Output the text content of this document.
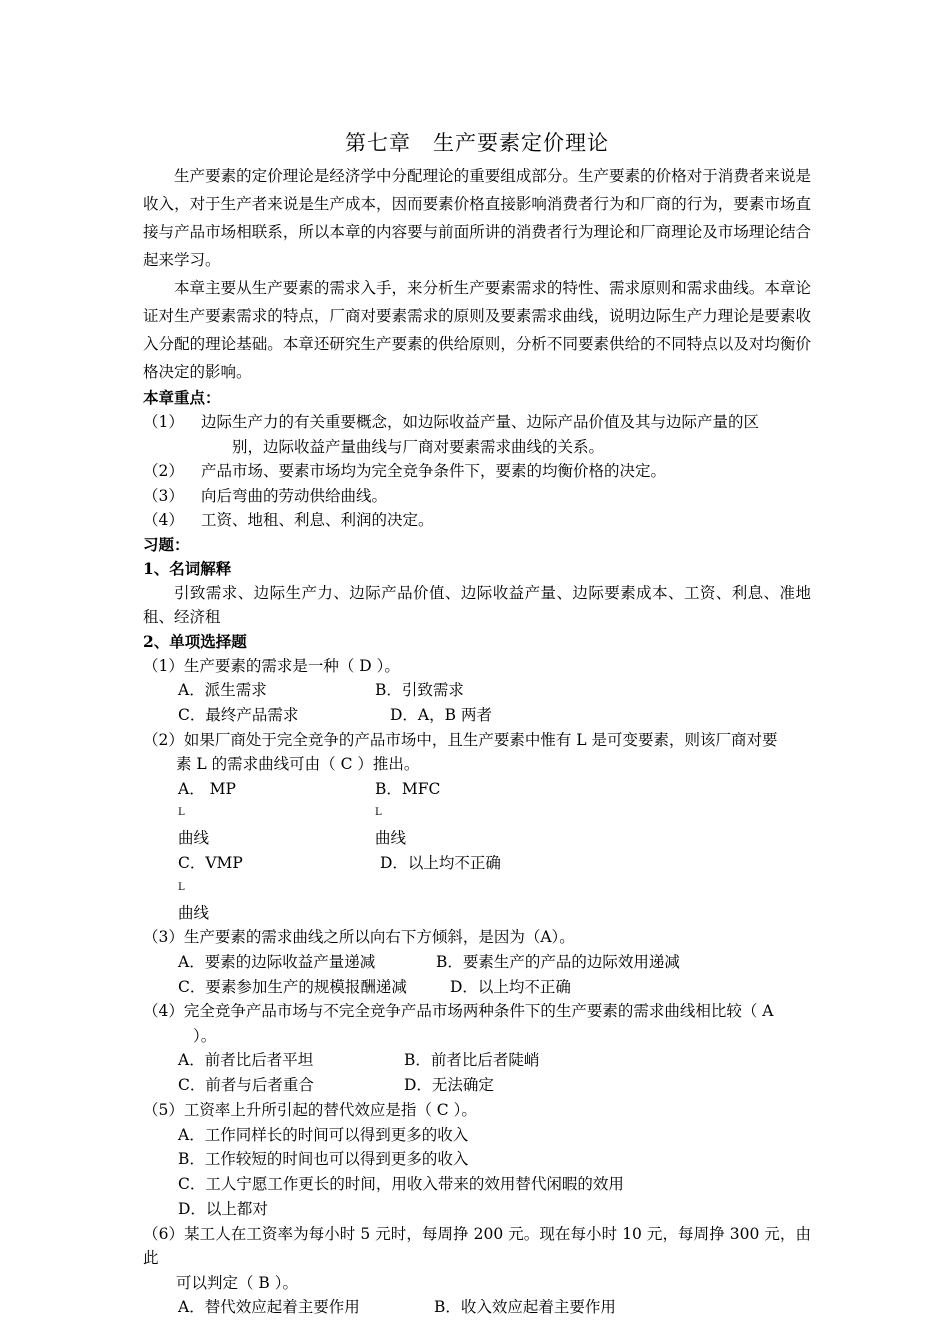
第七章　生产要素定价理论

生产要素的定价理论是经济学中分配理论的重要组成部分。生产要素的价格对于消费者来说是收入，对于生产者来说是生产成本，因而要素价格直接影响消费者行为和厂商的行为，要素市场直接与产品市场相联系，所以本章的内容要与前面所讲的消费者行为理论和厂商理论及市场理论结合起来学习。

本章主要从生产要素的需求入手，来分析生产要素需求的特性、需求原则和需求曲线。本章论证对生产要素需求的特点，厂商对要素需求的原则及要素需求曲线，说明边际生产力理论是要素收入分配的理论基础。本章还研究生产要素的供给原则，分析不同要素供给的不同特点以及对均衡价格决定的影响。

本章重点：
（1） 边际生产力的有关重要概念，如边际收益产量、边际产品价值及其与边际产量的区
别，边际收益产量曲线与厂商对要素需求曲线的关系。
（2） 产品市场、要素市场均为完全竞争条件下，要素的均衡价格的决定。
（3） 向后弯曲的劳动供给曲线。
（4） 工资、地租、利息、利润的决定。
习题：
1、名词解释

引致需求、边际生产力、边际产品价值、边际收益产量、边际要素成本、工资、利息、准地租、经济租

2、单项选择题
（1）生产要素的需求是一种（ D ）。
A．派生需求	B．引致需求
C．最终产品需求	D．A，B 两者
（2）如果厂商处于完全竞争的产品市场中，且生产要素中惟有 L 是可变要素，则该厂商对要
素 L 的需求曲线可由（ C ）推出。
A． MP
L
曲线
B．MFC
L
曲线
C．VMP
L
曲线
D．以上均不正确
（3）生产要素的需求曲线之所以向右下方倾斜，是因为（A）。
A．要素的边际收益产量递减	B．要素生产的产品的边际效用递减
C．要素参加生产的规模报酬递减	D．以上均不正确
（4）完全竞争产品市场与不完全竞争产品市场两种条件下的生产要素的需求曲线相比较（ A
）。
A．前者比后者平坦	B．前者比后者陡峭
C．前者与后者重合	D．无法确定
（5）工资率上升所引起的替代效应是指（ C ）。
A．工作同样长的时间可以得到更多的收入
B．工作较短的时间也可以得到更多的收入
C．工人宁愿工作更长的时间，用收入带来的效用替代闲暇的效用
D．以上都对
（6）某工人在工资率为每小时 5 元时，每周挣 200 元。现在每小时 10 元，每周挣 300 元，由此
可以判定（ B ）。
A．替代效应起着主要作用	B．收入效应起着主要作用
